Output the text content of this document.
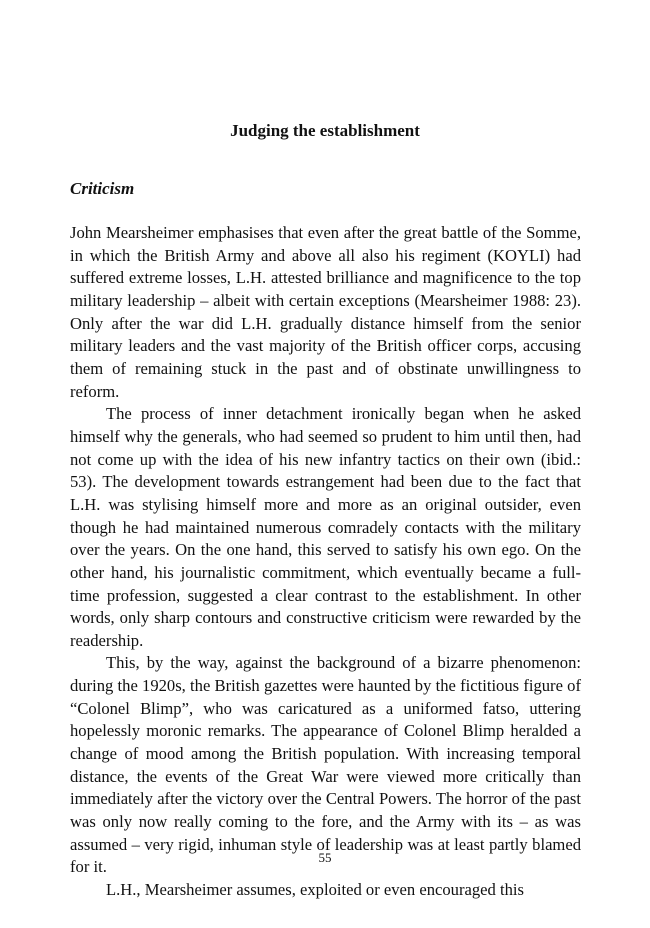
Judging the establishment
Criticism

John Mearsheimer emphasises that even after the great battle of the Somme, in which the British Army and above all also his regiment (KOYLI) had suffered extreme losses, L.H. attested brilliance and magnificence to the top military leadership – albeit with certain exceptions (Mearsheimer 1988: 23). Only after the war did L.H. gradually distance himself from the senior military leaders and the vast majority of the British officer corps, accusing them of remaining stuck in the past and of obstinate unwillingness to reform.

The process of inner detachment ironically began when he asked himself why the generals, who had seemed so prudent to him until then, had not come up with the idea of his new infantry tactics on their own (ibid.: 53). The development towards estrangement had been due to the fact that L.H. was stylising himself more and more as an original outsider, even though he had maintained numerous comradely contacts with the military over the years. On the one hand, this served to satisfy his own ego. On the other hand, his journalistic commitment, which eventually became a full-time profession, suggested a clear contrast to the establishment. In other words, only sharp contours and constructive criticism were rewarded by the readership.

This, by the way, against the background of a bizarre phenomenon: during the 1920s, the British gazettes were haunted by the fictitious figure of “Colonel Blimp”, who was caricatured as a uniformed fatso, uttering hopelessly moronic remarks. The appearance of Colonel Blimp heralded a change of mood among the British population. With increasing temporal distance, the events of the Great War were viewed more critically than immediately after the victory over the Central Powers. The horror of the past was only now really coming to the fore, and the Army with its – as was assumed – very rigid, inhuman style of leadership was at least partly blamed for it.

L.H., Mearsheimer assumes, exploited or even encouraged this

55
